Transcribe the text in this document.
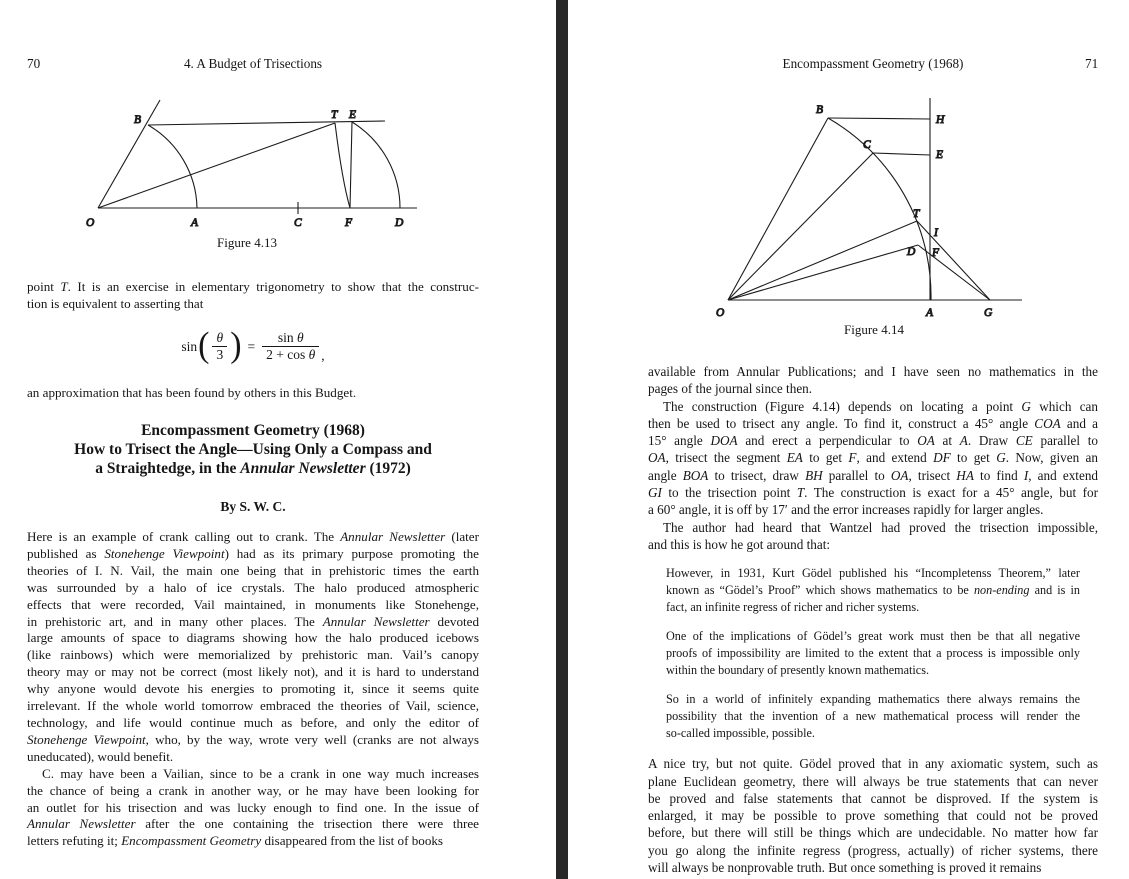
70	4. A Budget of Trisections
O	A	C	F	D
B	T E
Figure 4.13
point T. It is an exercise in elementary trigonometry to show that the construc-
tion is equivalent to asserting that
sin ( $\frac{\theta}{3}$ ) = $\frac{\text{sin θ}}{\text{2 + cos θ}}$ ,
an approximation that has been found by others in this Budget.
Encompassment Geometry (1968)
How to Trisect the Angle—Using Only a Compass and
a Straightedge, in the Annular Newsletter (1972)
By S. W. C.
Here is an example of crank calling out to crank. The Annular Newsletter (later
published as Stonehenge Viewpoint) had as its primary purpose promoting the
theories of I. N. Vail, the main one being that in prehistoric times the earth
was surrounded by a halo of ice crystals. The halo produced atmospheric
effects that were recorded, Vail maintained, in monuments like Stonehenge,
in prehistoric art, and in many other places. The Annular Newsletter devoted
large amounts of space to diagrams showing how the halo produced icebows
(like rainbows) which were memorialized by prehistoric man. Vail’s canopy
theory may or may not be correct (most likely not), and it is hard to understand
why anyone would devote his energies to promoting it, since it seems quite
irrelevant. If the whole world tomorrow embraced the theories of Vail, science,
technology, and life would continue much as before, and only the editor of
Stonehenge Viewpoint, who, by the way, wrote very well (cranks are not always
uneducated), would benefit.
C. may have been a Vailian, since to be a crank in one way much increases
the chance of being a crank in another way, or he may have been looking for
an outlet for his trisection and was lucky enough to find one. In the issue of
Annular Newsletter after the one containing the trisection there were three
letters refuting it; Encompassment Geometry disappeared from the list of books
Encompassment Geometry (1968)	71
B
H
C
E
T
I
D F
O	A	G
Figure 4.14
available from Annular Publications; and I have seen no mathematics in the
pages of the journal since then.
The construction (Figure 4.14) depends on locating a point G which can
then be used to trisect any angle. To find it, construct a 45° angle COA and a
15° angle DOA and erect a perpendicular to OA at A. Draw CE parallel to
OA, trisect the segment EA to get F, and extend DF to get G. Now, given an
angle BOA to trisect, draw BH parallel to OA, trisect HA to find I, and extend
GI to the trisection point T. The construction is exact for a 45° angle, but for
a 60° angle, it is off by 17′ and the error increases rapidly for larger angles.
The author had heard that Wantzel had proved the trisection impossible,
and this is how he got around that:
However, in 1931, Kurt Gödel published his “Incompletenss Theorem,” later
known as “Gödel’s Proof” which shows mathematics to be non-ending and is in
fact, an infinite regress of richer and richer systems.
One of the implications of Gödel’s great work must then be that all negative
proofs of impossibility are limited to the extent that a process is impossible only
within the boundary of presently known mathematics.
So in a world of infinitely expanding mathematics there always remains the
possibility that the invention of a new mathematical process will render the
so-called impossible, possible.
A nice try, but not quite. Gödel proved that in any axiomatic system, such as
plane Euclidean geometry, there will always be true statements that can never
be proved and false statements that cannot be disproved. If the system is
enlarged, it may be possible to prove something that could not be proved
before, but there will still be things which are undecidable. No matter how far
you go along the infinite regress (progress, actually) of richer systems, there
will always be nonprovable truth. But once something is proved it remains
